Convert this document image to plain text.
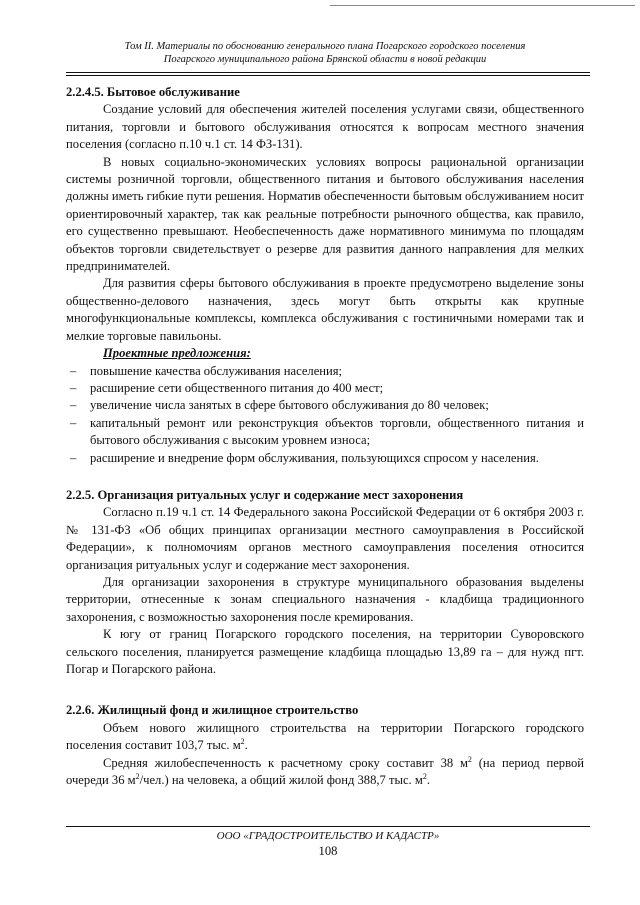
Том II. Материалы по обоснованию генерального плана Погарского городского поселения
Погарского муниципального района Брянской области в новой редакции

2.2.4.5. Бытовое обслуживание

Создание условий для обеспечения жителей поселения услугами связи, общественного питания, торговли и бытового обслуживания относятся к вопросам местного значения поселения (согласно п.10 ч.1 ст. 14 ФЗ-131).

В новых социально-экономических условиях вопросы рациональной организации системы розничной торговли, общественного питания и бытового обслуживания населения должны иметь гибкие пути решения. Норматив обеспеченности бытовым обслуживанием носит ориентировочный характер, так как реальные потребности рыночного общества, как правило, его существенно превышают. Необеспеченность даже нормативного минимума по площадям объектов торговли свидетельствует о резерве для развития данного направления для мелких предпринимателей.

Для развития сферы бытового обслуживания в проекте предусмотрено выделение зоны общественно-делового назначения, здесь могут быть открыты как крупные многофункциональные комплексы, комплекса обслуживания с гостиничными номерами так и мелкие торговые павильоны.

Проектные предложения:

– повышение качества обслуживания населения;
– расширение сети общественного питания до 400 мест;
– увеличение числа занятых в сфере бытового обслуживания до 80 человек;
– капитальный ремонт или реконструкция объектов торговли, общественного питания и бытового обслуживания с высоким уровнем износа;
– расширение и внедрение форм обслуживания, пользующихся спросом у населения.

2.2.5. Организация ритуальных услуг и содержание мест захоронения

Согласно п.19 ч.1 ст. 14 Федерального закона Российской Федерации от 6 октября 2003 г. № 131-ФЗ «Об общих принципах организации местного самоуправления в Российской Федерации», к полномочиям органов местного самоуправления поселения относится организация ритуальных услуг и содержание мест захоронения.

Для организации захоронения в структуре муниципального образования выделены территории, отнесенные к зонам специального назначения - кладбища традиционного захоронения, с возможностью захоронения после кремирования.

К югу от границ Погарского городского поселения, на территории Суворовского сельского поселения, планируется размещение кладбища площадью 13,89 га – для нужд пгт. Погар и Погарского района.

2.2.6. Жилищный фонд и жилищное строительство

Объем нового жилищного строительства на территории Погарского городского поселения составит 103,7 тыс. $м^2$.

Средняя жилобеспеченность к расчетному сроку составит 38 $м^2$ (на период первой очереди 36 $м^2/чел$.) на человека, а общий жилой фонд 388,7 тыс. $м^2$.

ООО «ГРАДОСТРОИТЕЛЬСТВО И КАДАСТР»
108
